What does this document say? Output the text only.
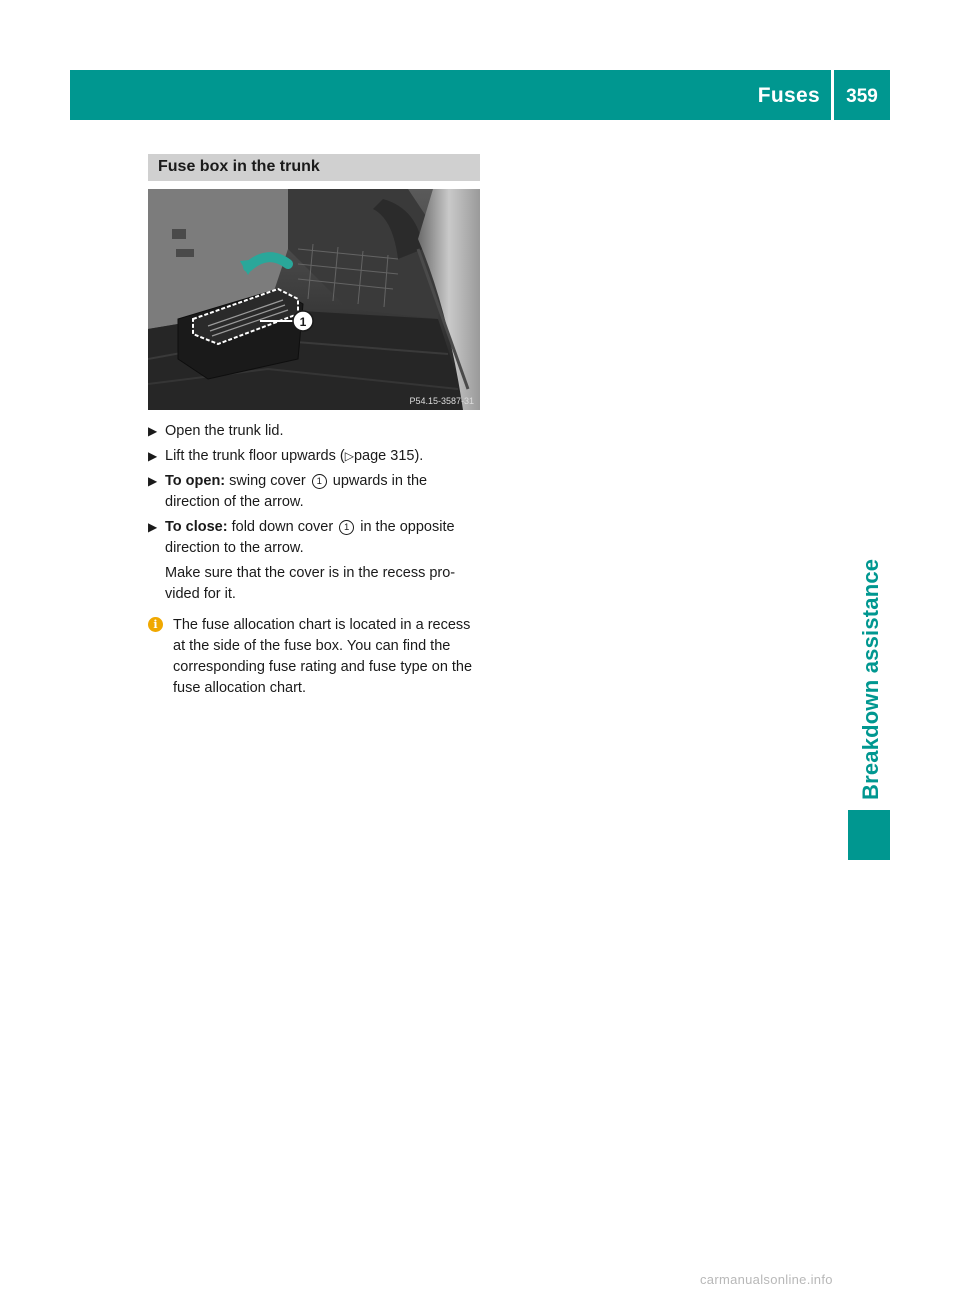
Fuses	359
Breakdown assistance
Fuse box in the trunk
1
P54.15-3587-31
▶ Open the trunk lid.
▶ Lift the trunk floor upwards (▷page 315).
▶ To open: swing cover 1 upwards in the direction of the arrow.
▶ To close: fold down cover 1 in the opposite direction to the arrow.
Make sure that the cover is in the recess pro-vided for it.
i	The fuse allocation chart is located in a recess at the side of the fuse box. You can find the corresponding fuse rating and fuse type on the fuse allocation chart.
carmanualsonline.info
